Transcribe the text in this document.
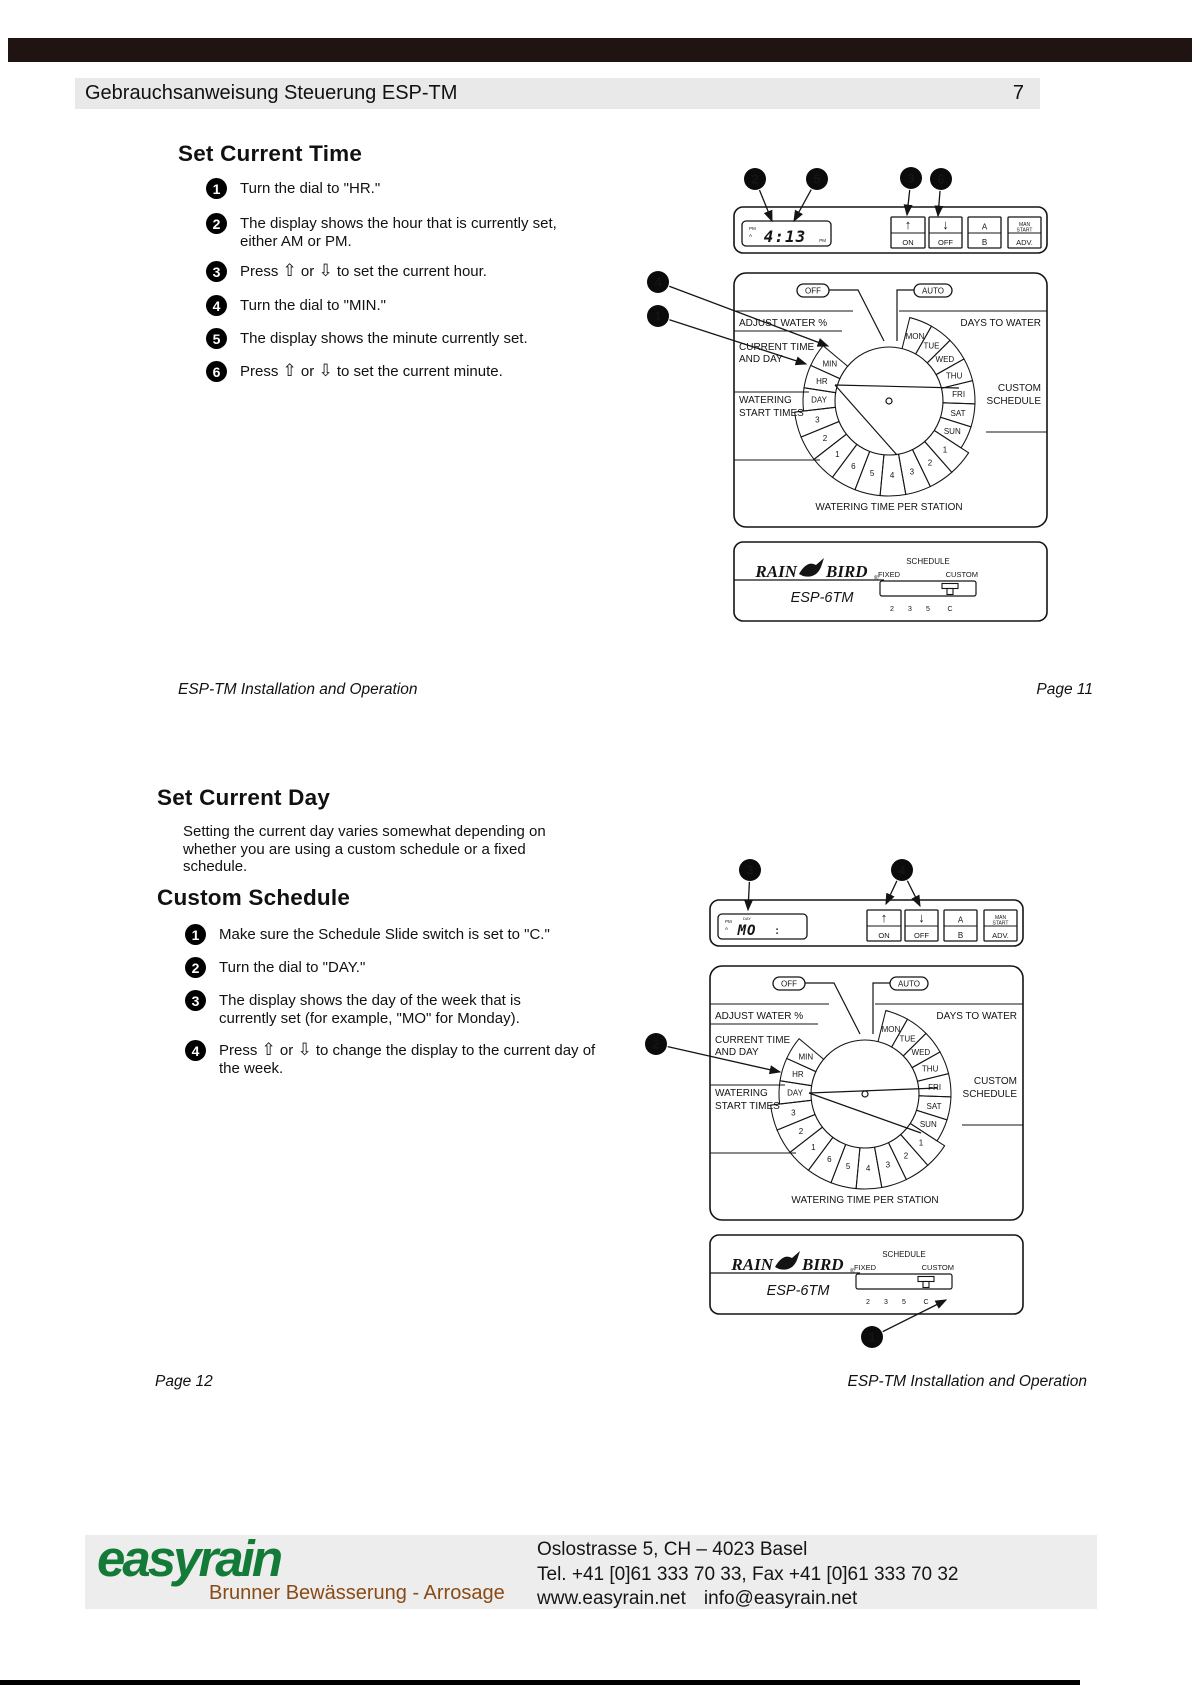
Gebrauchsanweisung Steuerung ESP-TM	7
Set Current Time
1	Turn the dial to "HR."
2	The display shows the hour that is currently set, either AM or PM.
3	Press ⇧ or ⇩ to set the current hour.
4	Turn the dial to "MIN."
5	The display shows the minute currently set.
6	Press ⇧ or ⇩ to set the current minute.
PM
A 4:13	PM
↑
ON
↓
OFF
A
B
MAN
START
ADV.
OFF	AUTO
ADJUST WATER %
CURRENT TIME
AND DAY
WATERING
START TIMES
DAYS TO WATER
CUSTOM
SCHEDULE
MON
TUE
WED
THU
FRI
SAT
SUN
1
2
3
4
5
6
1
2
3
DAY
HR
MIN
WATERING TIME PER STATION
RAIN BIRD ®
ESP-6TM
SCHEDULE
FIXED	CUSTOM
2 3 5	C
2	5	3 6
4
1
PM
A
DAY
MO :
↑
ON
↓
OFF
A
B
MAN
START
ADV.
OFF	AUTO
ADJUST WATER %
CURRENT TIME
AND DAY
WATERING
START TIMES
DAYS TO WATER
CUSTOM
SCHEDULE
MON
TUE
WED
THU
FRI
SAT
SUN
1
2
3
4
5
6
1
2
3
DAY
HR
MIN
WATERING TIME PER STATION
RAIN BIRD ®
ESP-6TM
SCHEDULE
FIXED	CUSTOM
2 3 5	C
3	4
2
1
ESP-TM Installation and Operation	Page 11
Set Current Day
Setting the current day varies somewhat depending on whether you are using a custom schedule or a fixed schedule.
Custom Schedule
1	Make sure the Schedule Slide switch is set to "C."
2	Turn the dial to "DAY."
3	The display shows the day of the week that is currently set (for example, "MO" for Monday).
4	Press ⇧ or ⇩ to change the display to the current day of the week.
Page 12	ESP-TM Installation and Operation
easyrain
Brunner Bewässerung - Arrosage
Oslostrasse 5, CH – 4023 Basel
Tel. +41 [0]61 333 70 33, Fax +41 [0]61 333 70 32
www.easyrain.net info@easyrain.net
